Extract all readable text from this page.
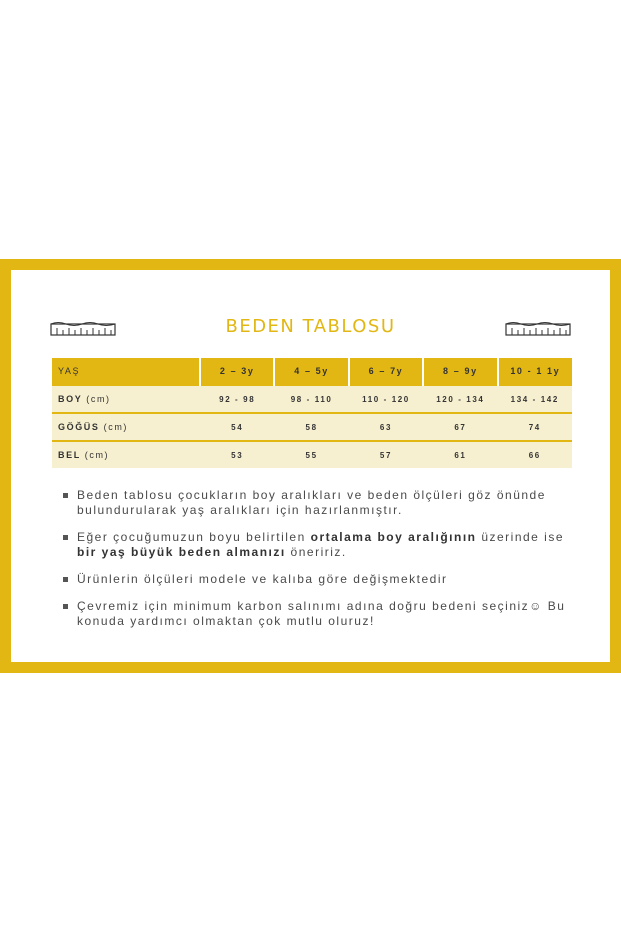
BEDEN TABLOSU
YAŞ	2 – 3y	4 – 5y	6 – 7y	8 – 9y	10 - 1 1y
BOY (cm)	92 - 98	98 - 110	110 - 120	120 - 134	134 - 142
GÖĞÜS (cm)	54	58	63	67	74
BEL (cm)	53	55	57	61	66
Beden tablosu çocukların boy aralıkları ve beden ölçüleri göz önünde bulundurularak yaş aralıkları için hazırlanmıştır.
Eğer çocuğumuzun boyu belirtilen ortalama boy aralığının üzerinde ise bir yaş büyük beden almanızı öneririz.
Ürünlerin ölçüleri modele ve kalıba göre değişmektedir
Çevremiz için minimum karbon salınımı adına doğru bedeni seçiniz☺ Bu konuda yardımcı olmaktan çok mutlu oluruz!
